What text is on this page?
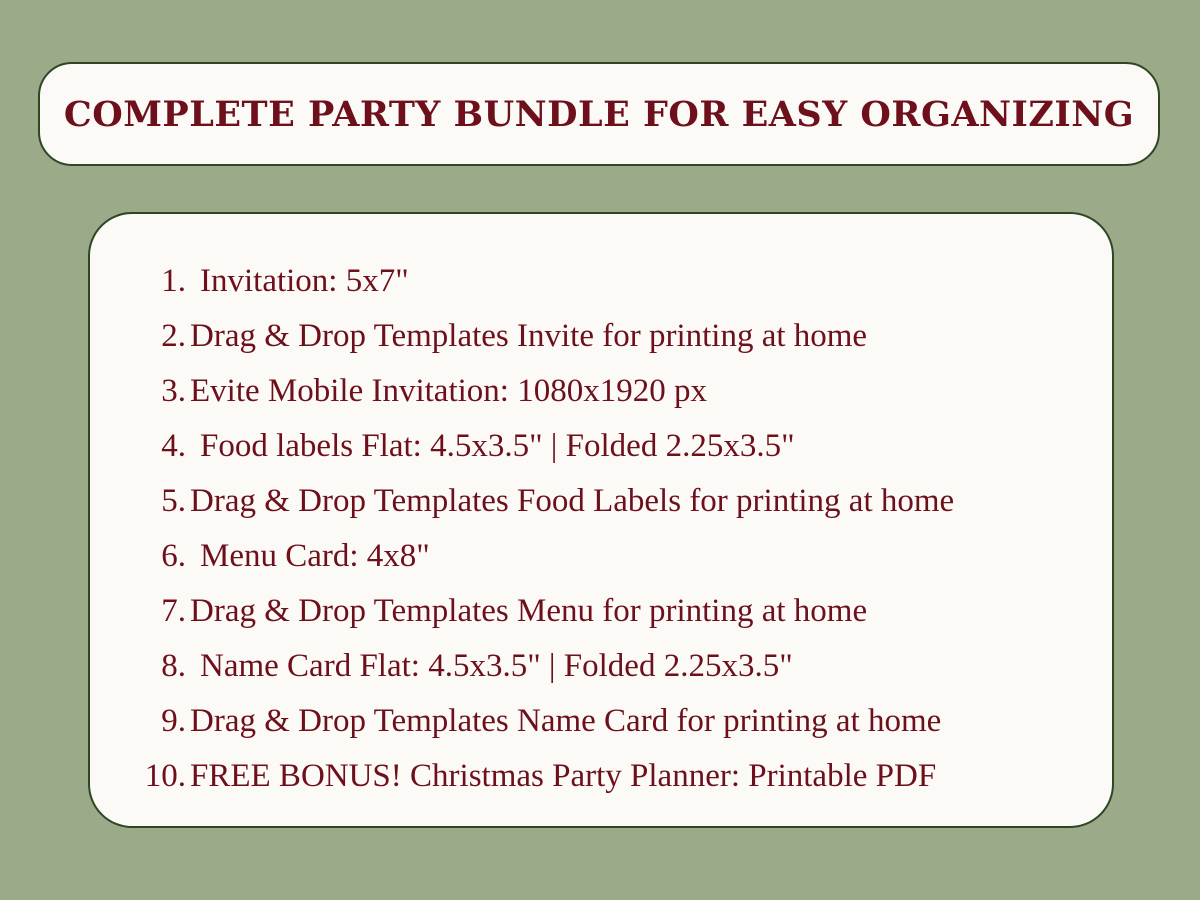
COMPLETE PARTY BUNDLE FOR EASY ORGANIZING
1. Invitation: 5x7"
2. Drag & Drop Templates Invite for printing at home
3. Evite Mobile Invitation: 1080x1920 px
4. Food labels Flat: 4.5x3.5" | Folded 2.25x3.5"
5. Drag & Drop Templates Food Labels for printing at home
6. Menu Card: 4x8"
7. Drag & Drop Templates Menu for printing at home
8. Name Card Flat: 4.5x3.5" | Folded 2.25x3.5"
9. Drag & Drop Templates Name Card for printing at home
10. FREE BONUS! Christmas Party Planner: Printable PDF
